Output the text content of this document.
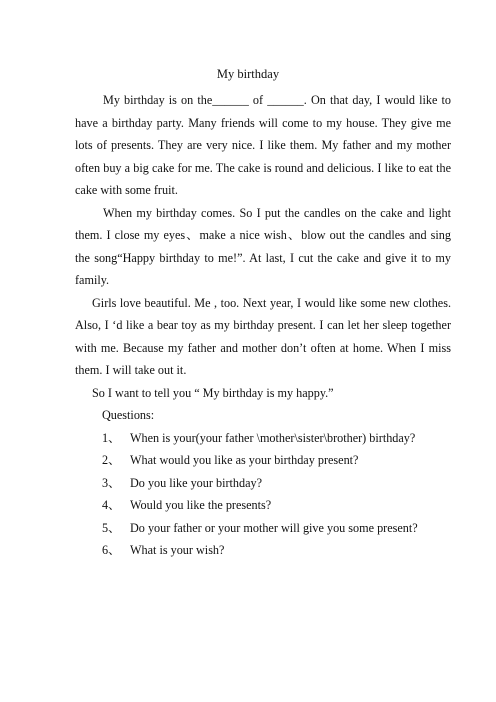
My birthday

My birthday is on the______ of ______. On that day, I would like to have a birthday party. Many friends will come to my house. They give me lots of presents. They are very nice. I like them. My father and my mother often buy a big cake for me. The cake is round and delicious. I like to eat the cake with some fruit.

When my birthday comes. So I put the candles on the cake and light them. I close my eyes、make a nice wish、blow out the candles and sing the song“Happy birthday to me!”. At last, I cut the cake and give it to my family.

Girls love beautiful. Me , too. Next year, I would like some new clothes. Also, I ‘d like a bear toy as my birthday present. I can let her sleep together with me. Because my father and mother don’t often at home. When I miss them. I will take out it.

So I want to tell you “ My birthday is my happy.”

Questions:

1、 When is your(your father \mother\sister\brother) birthday?
2、 What would you like as your birthday present?
3、 Do you like your birthday?
4、 Would you like the presents?
5、 Do your father or your mother will give you some present?
6、 What is your wish?
